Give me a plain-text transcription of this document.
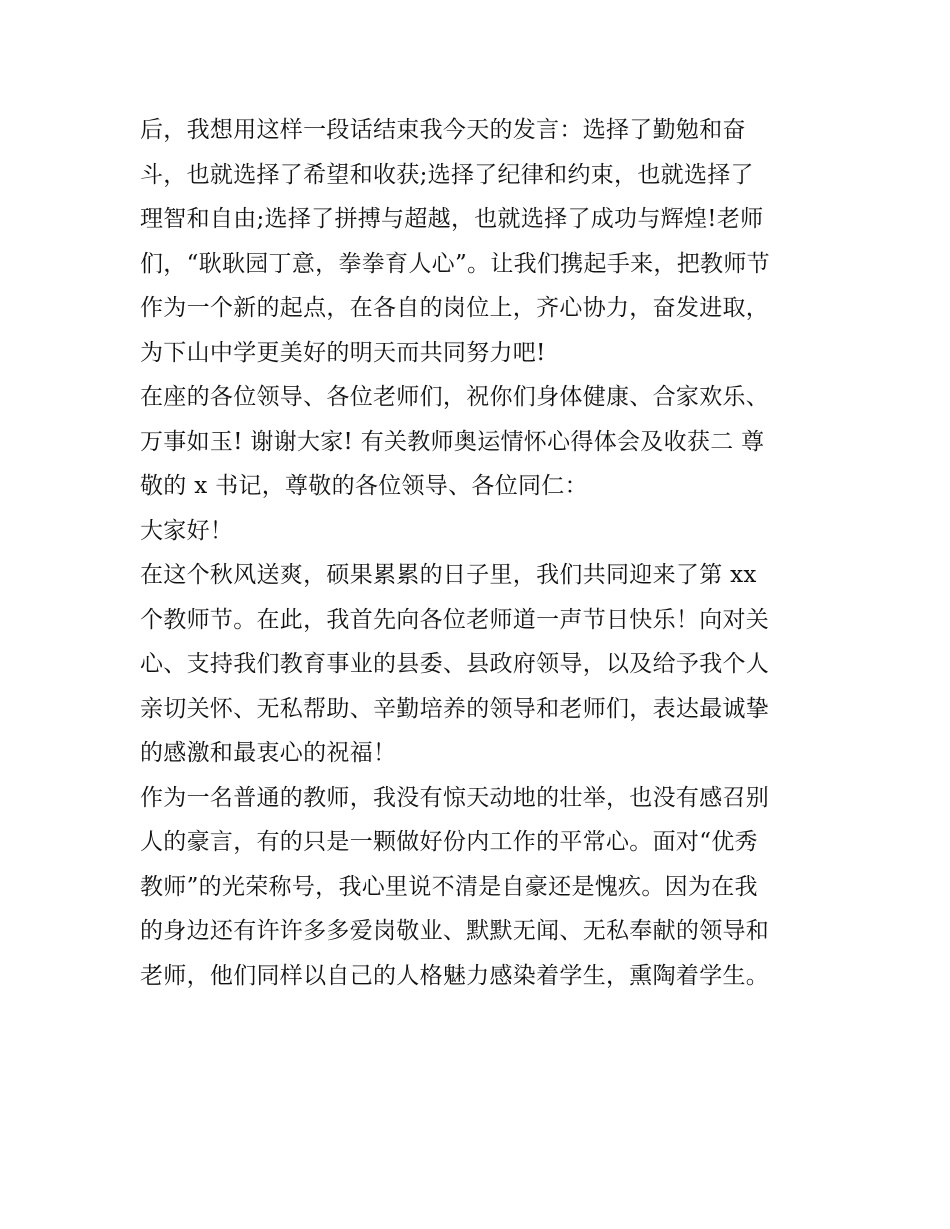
后，我想用这样一段话结束我今天的发言：选择了勤勉和奋
斗，也就选择了希望和收获;选择了纪律和约束，也就选择了
理智和自由;选择了拼搏与超越，也就选择了成功与辉煌!老师
们，“耿耿园丁意，拳拳育人心”。让我们携起手来，把教师节
作为一个新的起点，在各自的岗位上，齐心协力，奋发进取，
为下山中学更美好的明天而共同努力吧!
在座的各位领导、各位老师们，祝你们身体健康、合家欢乐、
万事如玉! 谢谢大家! 有关教师奥运情怀心得体会及收获二 尊
敬的 x 书记，尊敬的各位领导、各位同仁：
大家好！
在这个秋风送爽，硕果累累的日子里，我们共同迎来了第 xx
个教师节。在此，我首先向各位老师道一声节日快乐！向对关
心、支持我们教育事业的县委、县政府领导，以及给予我个人
亲切关怀、无私帮助、辛勤培养的领导和老师们，表达最诚挚
的感激和最衷心的祝福！
作为一名普通的教师，我没有惊天动地的壮举，也没有感召别
人的豪言，有的只是一颗做好份内工作的平常心。面对“优秀
教师”的光荣称号，我心里说不清是自豪还是愧疚。因为在我
的身边还有许许多多爱岗敬业、默默无闻、无私奉献的领导和
老师，他们同样以自己的人格魅力感染着学生，熏陶着学生。
